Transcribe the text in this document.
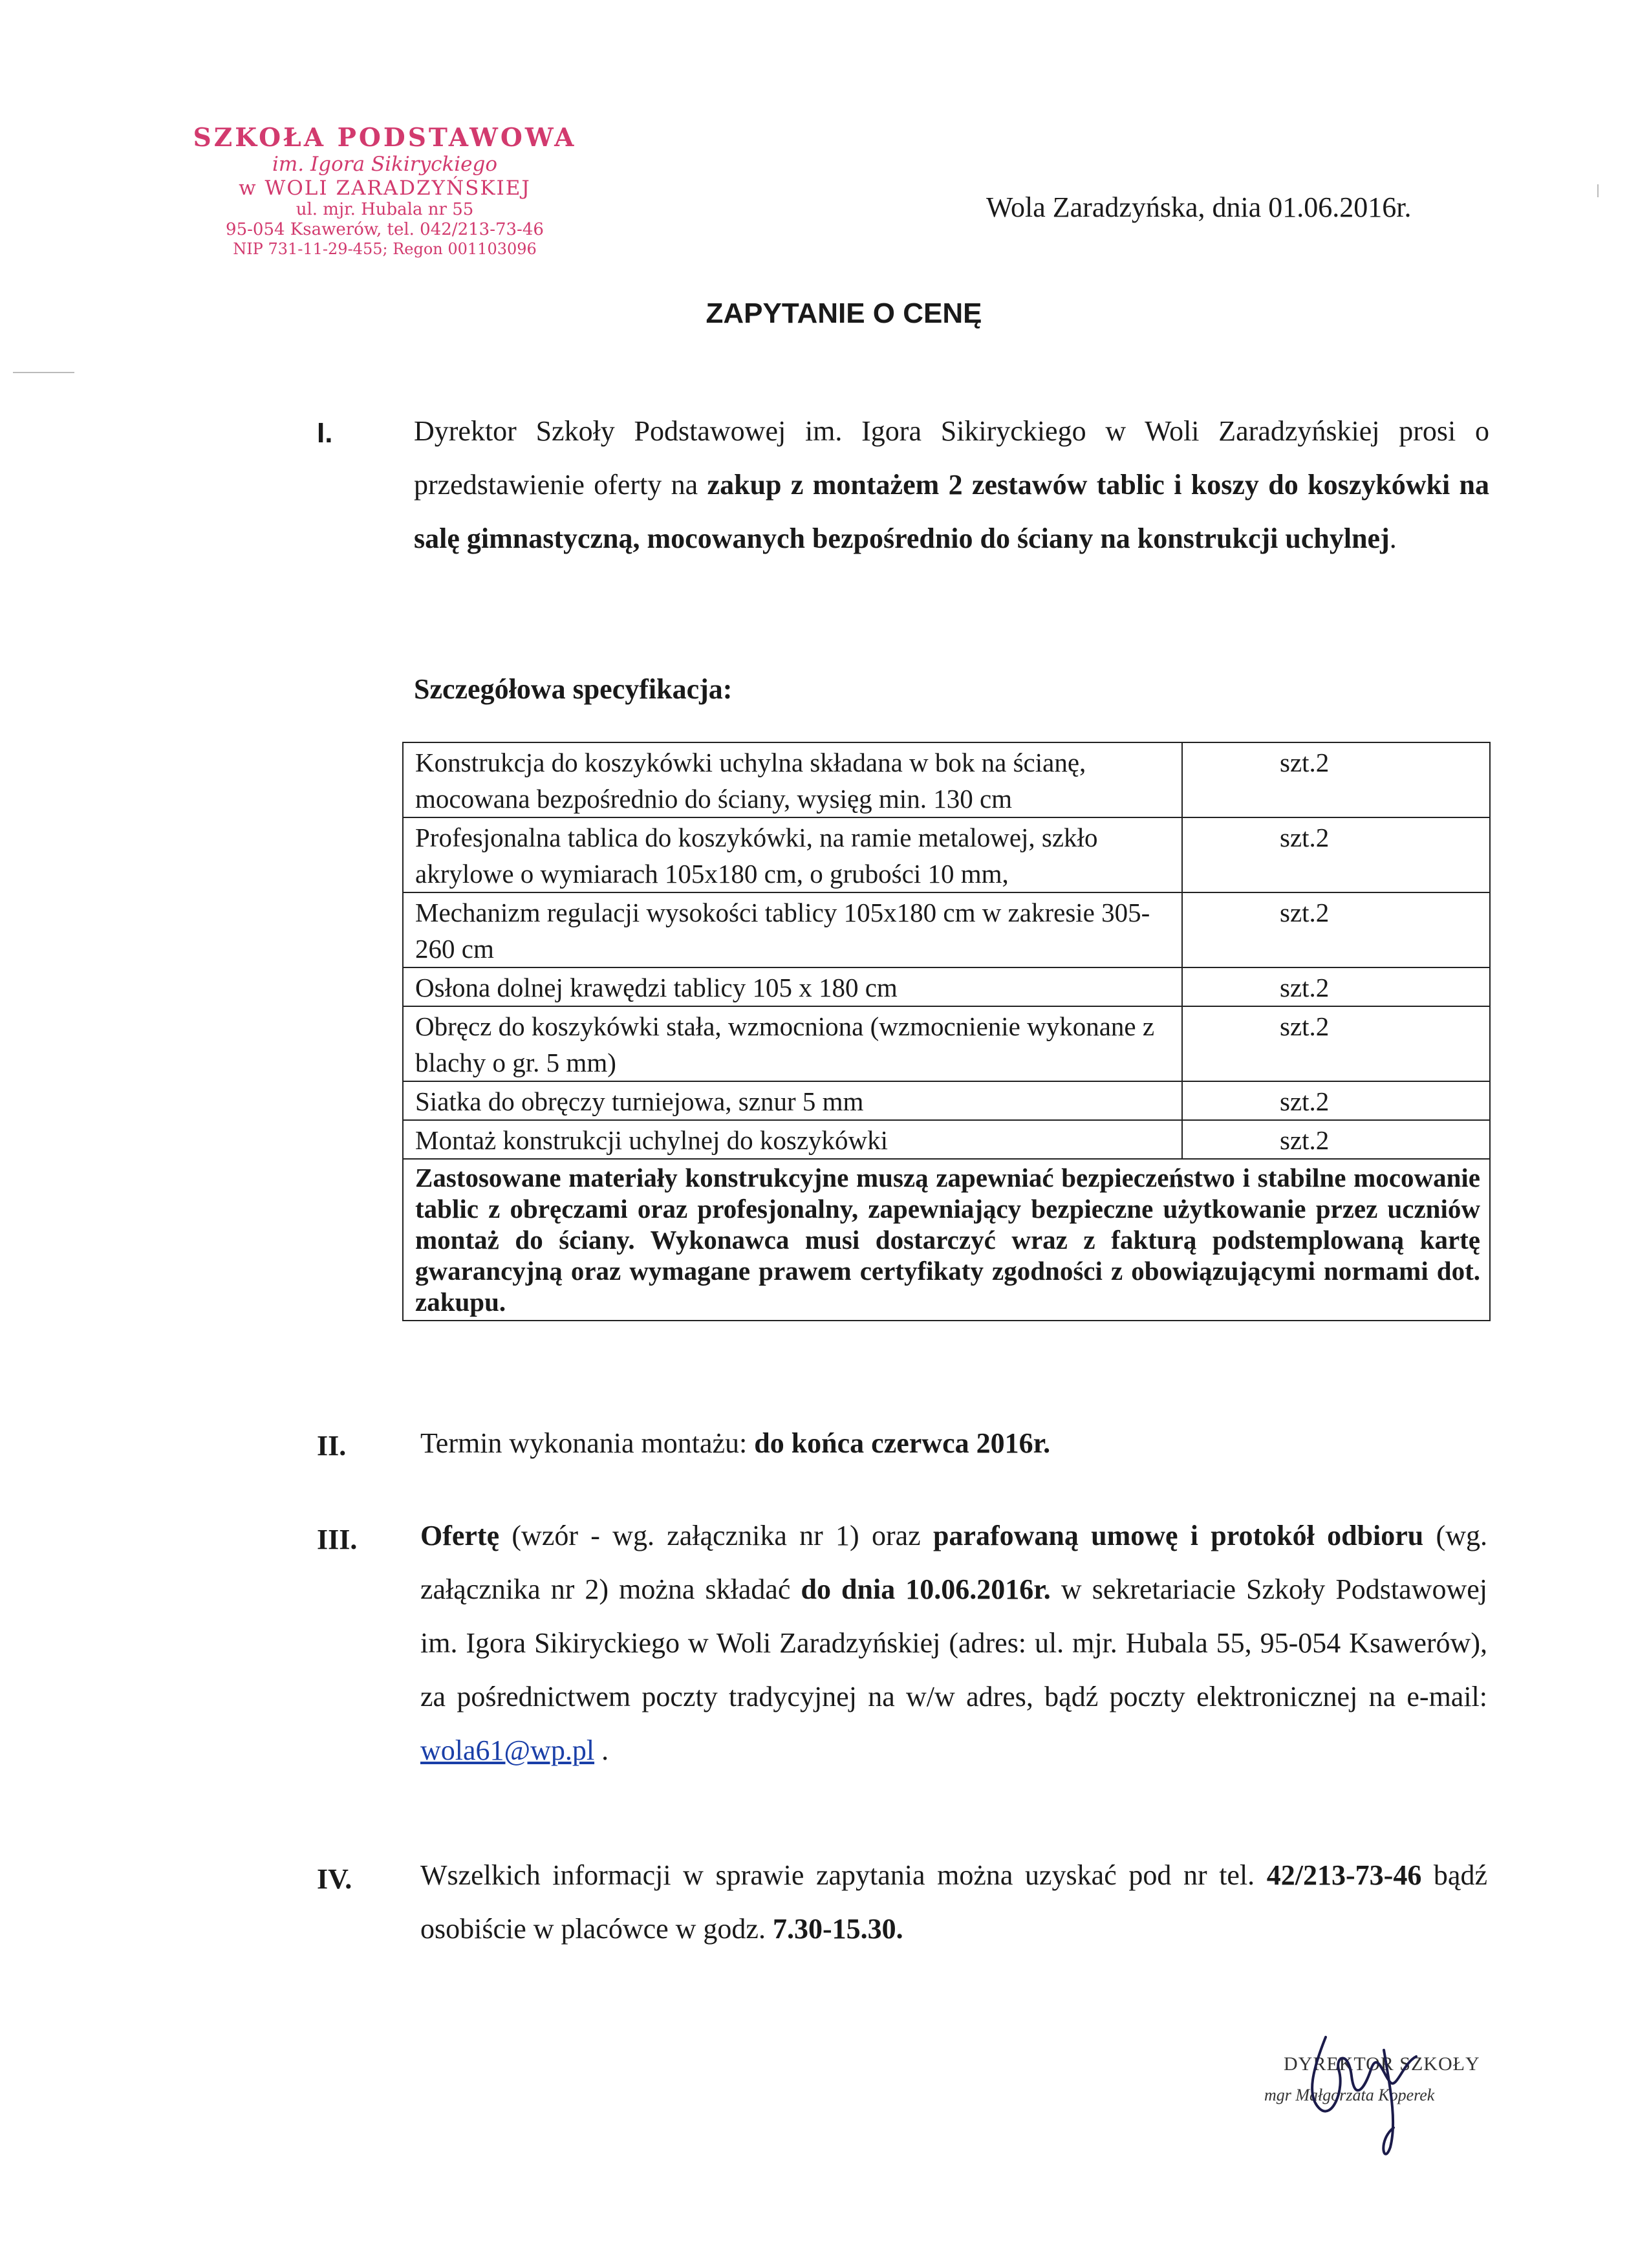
SZKOŁA PODSTAWOWA
im. Igora Sikiryckiego
w WOLI ZARADZYŃSKIEJ
ul. mjr. Hubala nr 55
95-054 Ksawerów, tel. 042/213-73-46
NIP 731-11-29-455; Regon 001103096
Wola Zaradzyńska, dnia 01.06.2016r.
ZAPYTANIE O CENĘ
I.	Dyrektor Szkoły Podstawowej im. Igora Sikiryckiego w Woli Zaradzyńskiej prosi o przedstawienie oferty na zakup z montażem 2 zestawów tablic i koszy do koszykówki na salę gimnastyczną, mocowanych bezpośrednio do ściany na konstrukcji uchylnej.
Szczegółowa specyfikacja:
Konstrukcja do koszykówki uchylna składana w bok na ścianę, mocowana bezpośrednio do ściany, wysięg min. 130 cm	szt.2
Profesjonalna tablica do koszykówki, na ramie metalowej, szkło akrylowe o wymiarach 105x180 cm, o grubości 10 mm,	szt.2
Mechanizm regulacji wysokości tablicy 105x180 cm w zakresie 305-260 cm	szt.2
Osłona dolnej krawędzi tablicy 105 x 180 cm	szt.2
Obręcz do koszykówki stała, wzmocniona (wzmocnienie wykonane z blachy o gr. 5 mm)	szt.2
Siatka do obręczy turniejowa, sznur 5 mm	szt.2
Montaż konstrukcji uchylnej do koszykówki	szt.2
Zastosowane materiały konstrukcyjne muszą zapewniać bezpieczeństwo i stabilne mocowanie tablic z obręczami oraz profesjonalny, zapewniający bezpieczne użytkowanie przez uczniów montaż do ściany. Wykonawca musi dostarczyć wraz z fakturą podstemplowaną kartę gwarancyjną oraz wymagane prawem certyfikaty zgodności z obowiązującymi normami dot. zakupu.	
II.	Termin wykonania montażu: do końca czerwca 2016r.
III. Ofertę (wzór - wg. załącznika nr 1) oraz parafowaną umowę i protokół odbioru (wg. załącznika nr 2) można składać do dnia 10.06.2016r. w sekretariacie Szkoły Podstawowej im. Igora Sikiryckiego w Woli Zaradzyńskiej (adres: ul. mjr. Hubala 55, 95-054 Ksawerów), za pośrednictwem poczty tradycyjnej na w/w adres, bądź poczty elektronicznej na e-mail: wola61@wp.pl .
IV. Wszelkich informacji w sprawie zapytania można uzyskać pod nr tel. 42/213-73-46 bądź osobiście w placówce w godz. 7.30-15.30.
DYREKTOR SZKOŁY
mgr Małgorzata Koperek
